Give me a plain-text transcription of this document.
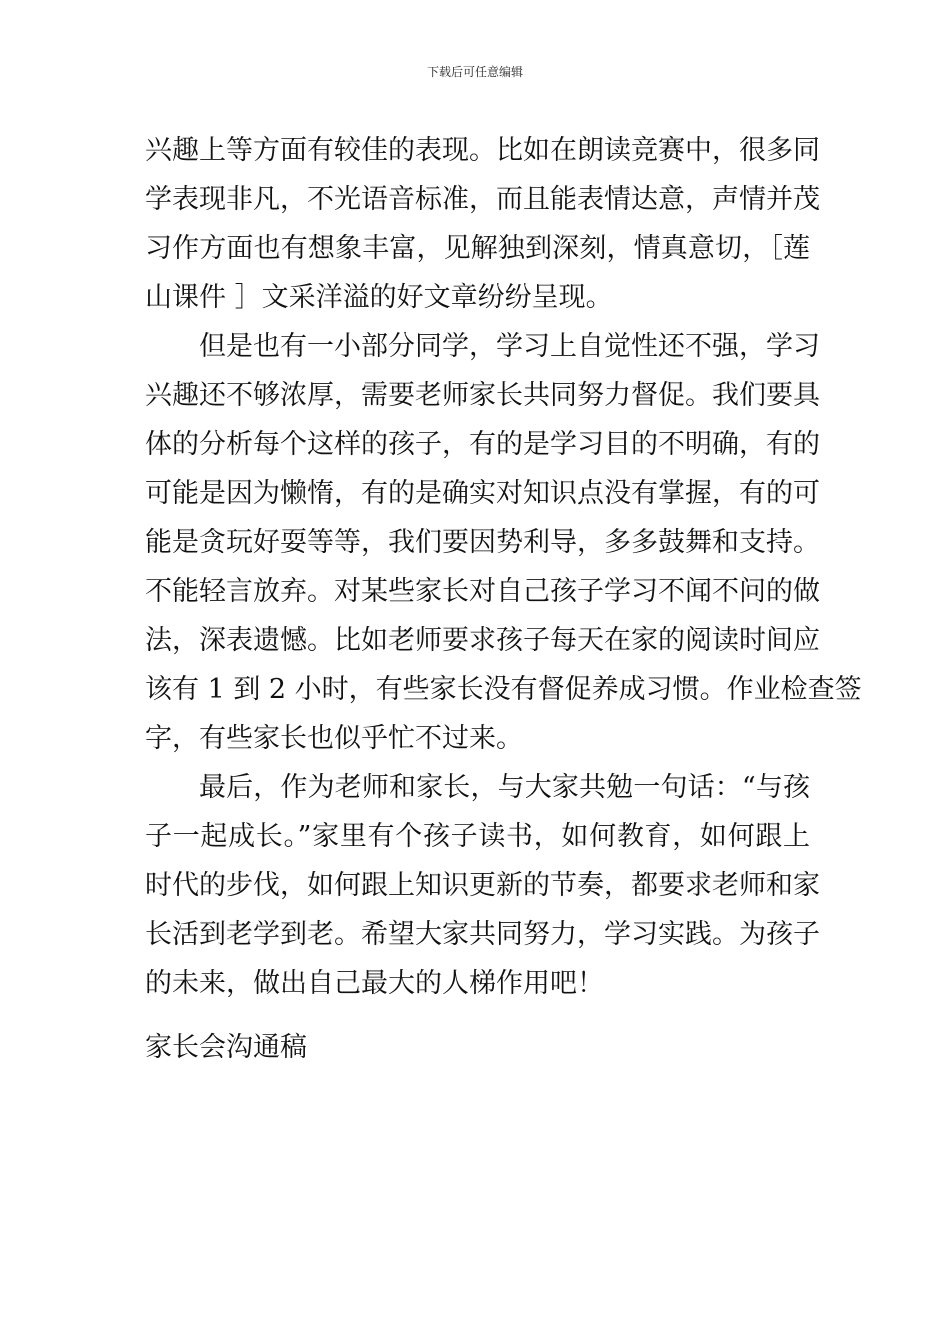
下载后可任意编辑
兴趣上等方面有较佳的表现。比如在朗读竞赛中，很多同
学表现非凡，不光语音标准，而且能表情达意，声情并茂
习作方面也有想象丰富，见解独到深刻，情真意切，［莲
山课件 ］文采洋溢的好文章纷纷呈现。
但是也有一小部分同学，学习上自觉性还不强，学习
兴趣还不够浓厚，需要老师家长共同努力督促。我们要具
体的分析每个这样的孩子，有的是学习目的不明确，有的
可能是因为懒惰，有的是确实对知识点没有掌握，有的可
能是贪玩好耍等等，我们要因势利导，多多鼓舞和支持。
不能轻言放弃。对某些家长对自己孩子学习不闻不问的做
法，深表遗憾。比如老师要求孩子每天在家的阅读时间应
该有 1 到 2 小时，有些家长没有督促养成习惯。作业检查签
字，有些家长也似乎忙不过来。
最后，作为老师和家长，与大家共勉一句话：“与孩
子一起成长。”家里有个孩子读书，如何教育，如何跟上
时代的步伐，如何跟上知识更新的节奏，都要求老师和家
长活到老学到老。希望大家共同努力，学习实践。为孩子
的未来，做出自己最大的人梯作用吧！
家长会沟通稿
